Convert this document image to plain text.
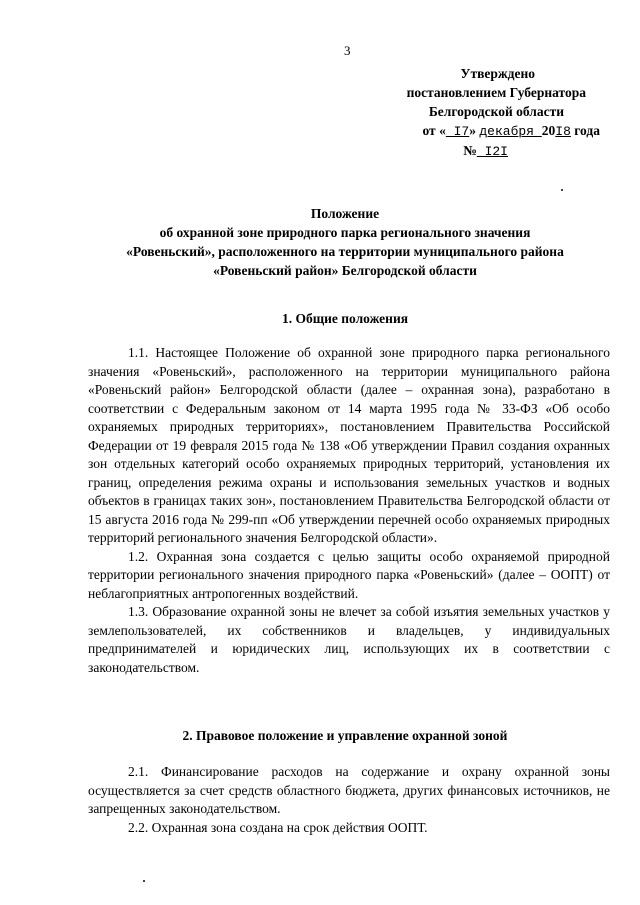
3
Утверждено
постановлением Губернатора
Белгородской области
от « I7» декабря 20I8 года
№ I2I
Положение
об охранной зоне природного парка регионального значения
«Ровеньский», расположенного на территории муниципального района
«Ровеньский район» Белгородской области
1. Общие положения

1.1. Настоящее Положение об охранной зоне природного парка регионального значения «Ровеньский», расположенного на территории муниципального района «Ровеньский район» Белгородской области (далее – охранная зона), разработано в соответствии с Федеральным законом от 14 марта 1995 года № 33-ФЗ «Об особо охраняемых природных территориях», постановлением Правительства Российской Федерации от 19 февраля 2015 года № 138 «Об утверждении Правил создания охранных зон отдельных категорий особо охраняемых природных территорий, установления их границ, определения режима охраны и использования земельных участков и водных объектов в границах таких зон», постановлением Правительства Белгородской области от 15 августа 2016 года № 299-пп «Об утверждении перечней особо охраняемых природных территорий регионального значения Белгородской области».

1.2. Охранная зона создается с целью защиты особо охраняемой природной территории регионального значения природного парка «Ровеньский» (далее – ООПТ) от неблагоприятных антропогенных воздействий.

1.3. Образование охранной зоны не влечет за собой изъятия земельных участков у землепользователей, их собственников и владельцев, у индивидуальных предпринимателей и юридических лиц, использующих их в соответствии с законодательством.

2. Правовое положение и управление охранной зоной

2.1. Финансирование расходов на содержание и охрану охранной зоны осуществляется за счет средств областного бюджета, других финансовых источников, не запрещенных законодательством.

2.2. Охранная зона создана на срок действия ООПТ.
